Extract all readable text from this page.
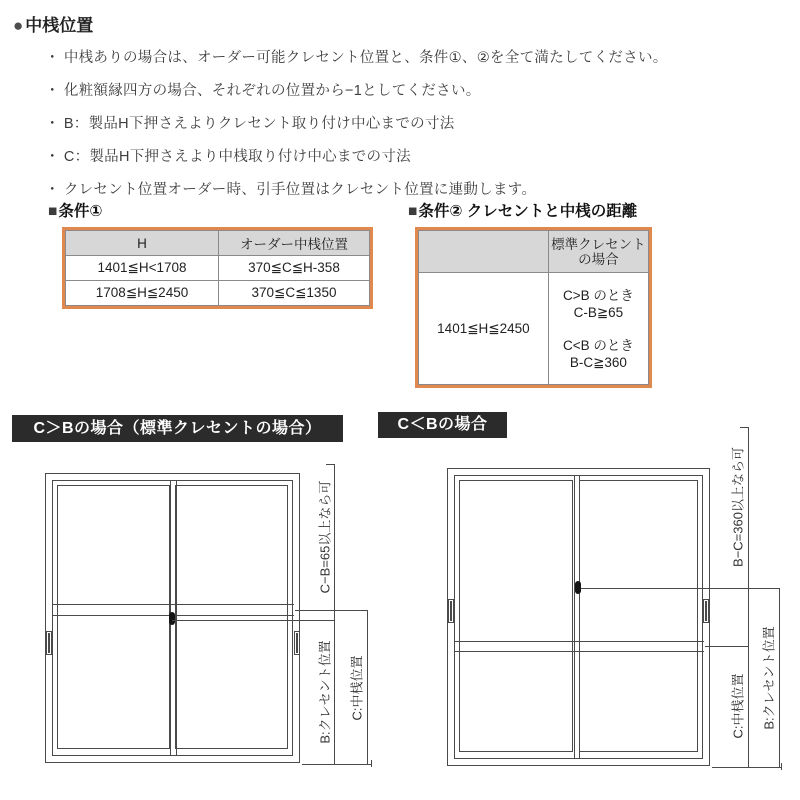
● 中桟位置
・ 中桟ありの場合は、オーダー可能クレセント位置と、条件①、②を全て満たしてください。
・ 化粧額縁四方の場合、それぞれの位置から−1としてください。
・ B：製品H下押さえよりクレセント取り付け中心までの寸法
・ C：製品H下押さえより中桟取り付け中心までの寸法
・ クレセント位置オーダー時、引手位置はクレセント位置に連動します。
■条件①
H	オーダー中桟位置
1401≦H<1708	370≦C≦H-358
1708≦H≦2450	370≦C≦1350
■条件② クレセントと中桟の距離

	標準クレセント
の場合

1401≦H≦2450	C>B のとき
C-B≧65
C<B のとき
B-C≧360
C＞Bの場合（標準クレセントの場合）	C＜Bの場合
C−B=65以上なら可
B:クレセント位置 C:中桟位置
B−C=360以上なら可
B:クレセント位置
C:中桟位置
